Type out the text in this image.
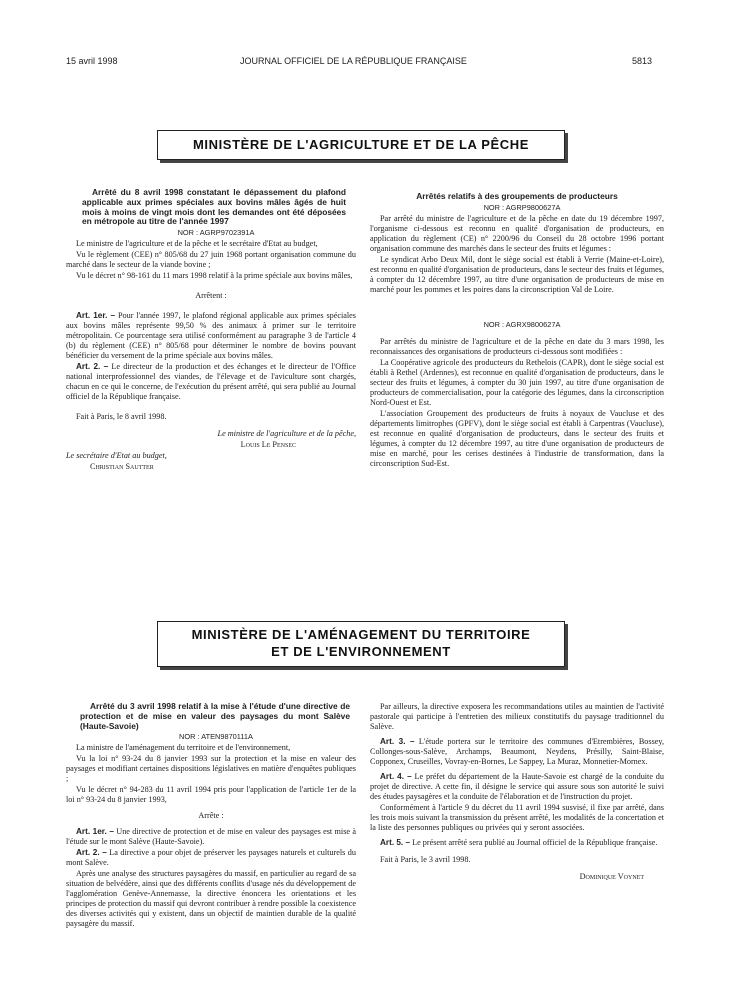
15 avril 1998	JOURNAL OFFICIEL DE LA RÉPUBLIQUE FRANÇAISE	5813
MINISTÈRE DE L'AGRICULTURE ET DE LA PÊCHE

Arrêté du 8 avril 1998 constatant le dépassement du plafond applicable aux primes spéciales aux bovins mâles âgés de huit mois à moins de vingt mois dont les demandes ont été déposées en métropole au titre de l'année 1997

NOR : AGRP9702391A

Le ministre de l'agriculture et de la pêche et le secrétaire d'Etat au budget,

Vu le règlement (CEE) n° 805/68 du 27 juin 1968 portant organisation commune du marché dans le secteur de la viande bovine ;

Vu le décret n° 98-161 du 11 mars 1998 relatif à la prime spéciale aux bovins mâles,

Arrêtent :

Art. 1er. – Pour l'année 1997, le plafond régional applicable aux primes spéciales aux bovins mâles représente 99,50 % des animaux à primer sur le territoire métropolitain. Ce pourcentage sera utilisé conformément au paragraphe 3 de l'article 4 (b) du règlement (CEE) n° 805/68 pour déterminer le nombre de bovins pouvant bénéficier du versement de la prime spéciale aux bovins mâles.

Art. 2. – Le directeur de la production et des échanges et le directeur de l'Office national interprofessionnel des viandes, de l'élevage et de l'aviculture sont chargés, chacun en ce qui le concerne, de l'exécution du présent arrêté, qui sera publié au Journal officiel de la République française.

Fait à Paris, le 8 avril 1998.

Le ministre de l'agriculture et de la pêche,

Louis Le Pensec

Le secrétaire d'Etat au budget,

Christian Sautter

Arrêtés relatifs à des groupements de producteurs

NOR : AGRP9800627A

Par arrêté du ministre de l'agriculture et de la pêche en date du 19 décembre 1997, l'organisme ci-dessous est reconnu en qualité d'organisation de producteurs, en application du règlement (CE) n° 2200/96 du Conseil du 28 octobre 1996 portant organisation commune des marchés dans le secteur des fruits et légumes :

Le syndicat Arbo Deux Mil, dont le siège social est établi à Verrie (Maine-et-Loire), est reconnu en qualité d'organisation de producteurs, dans le secteur des fruits et légumes, à compter du 12 décembre 1997, au titre d'une organisation de producteurs de mise en marché pour les pommes et les poires dans la circonscription Val de Loire.

NOR : AGRX9800627A

Par arrêtés du ministre de l'agriculture et de la pêche en date du 3 mars 1998, les reconnaissances des organisations de producteurs ci-dessous sont modifiées :

La Coopérative agricole des producteurs du Rethelois (CAPR), dont le siège social est établi à Rethel (Ardennes), est reconnue en qualité d'organisation de producteurs, dans le secteur des fruits et légumes, à compter du 30 juin 1997, au titre d'une organisation de producteurs de commercialisation, pour la catégorie des légumes, dans la circonscription Nord-Ouest et Est.

L'association Groupement des producteurs de fruits à noyaux de Vaucluse et des départements limitrophes (GPFV), dont le siège social est établi à Carpentras (Vaucluse), est reconnue en qualité d'organisation de producteurs, dans le secteur des fruits et légumes, à compter du 12 décembre 1997, au titre d'une organisation de producteurs de mise en marché, pour les cerises destinées à l'industrie de transformation, dans la circonscription Sud-Est.

MINISTÈRE DE L'AMÉNAGEMENT DU TERRITOIRE
ET DE L'ENVIRONNEMENT

Arrêté du 3 avril 1998 relatif à la mise à l'étude d'une directive de protection et de mise en valeur des paysages du mont Salève (Haute-Savoie)

NOR : ATEN9870111A

La ministre de l'aménagement du territoire et de l'environnement,

Vu la loi n° 93-24 du 8 janvier 1993 sur la protection et la mise en valeur des paysages et modifiant certaines dispositions législatives en matière d'enquêtes publiques ;

Vu le décret n° 94-283 du 11 avril 1994 pris pour l'application de l'article 1er de la loi n° 93-24 du 8 janvier 1993,

Arrête :

Art. 1er. – Une directive de protection et de mise en valeur des paysages est mise à l'étude sur le mont Salève (Haute-Savoie).

Art. 2. – La directive a pour objet de préserver les paysages naturels et culturels du mont Salève.

Après une analyse des structures paysagères du massif, en particulier au regard de sa situation de belvédère, ainsi que des différents conflits d'usage nés du développement de l'agglomération Genève-Annemasse, la directive énoncera les orientations et les principes de protection du massif qui devront contribuer à rendre possible la coexistence des diverses activités qui y existent, dans un objectif de maintien durable de la qualité paysagère du massif.

Par ailleurs, la directive exposera les recommandations utiles au maintien de l'activité pastorale qui participe à l'entretien des milieux constitutifs du paysage traditionnel du Salève.

Art. 3. – L'étude portera sur le territoire des communes d'Etrembières, Bossey, Collonges-sous-Salève, Archamps, Beaumont, Neydens, Présilly, Saint-Blaise, Copponex, Cruseilles, Vovray-en-Bornes, Le Sappey, La Muraz, Monnetier-Mornex.

Art. 4. – Le préfet du département de la Haute-Savoie est chargé de la conduite du projet de directive. A cette fin, il désigne le service qui assure sous son autorité le suivi des études paysagères et la conduite de l'élaboration et de l'instruction du projet.

Conformément à l'article 9 du décret du 11 avril 1994 susvisé, il fixe par arrêté, dans les trois mois suivant la transmission du présent arrêté, les modalités de la concertation et la liste des personnes publiques ou privées qui y seront associées.

Art. 5. – Le présent arrêté sera publié au Journal officiel de la République française.

Fait à Paris, le 3 avril 1998.

Dominique Voynet
